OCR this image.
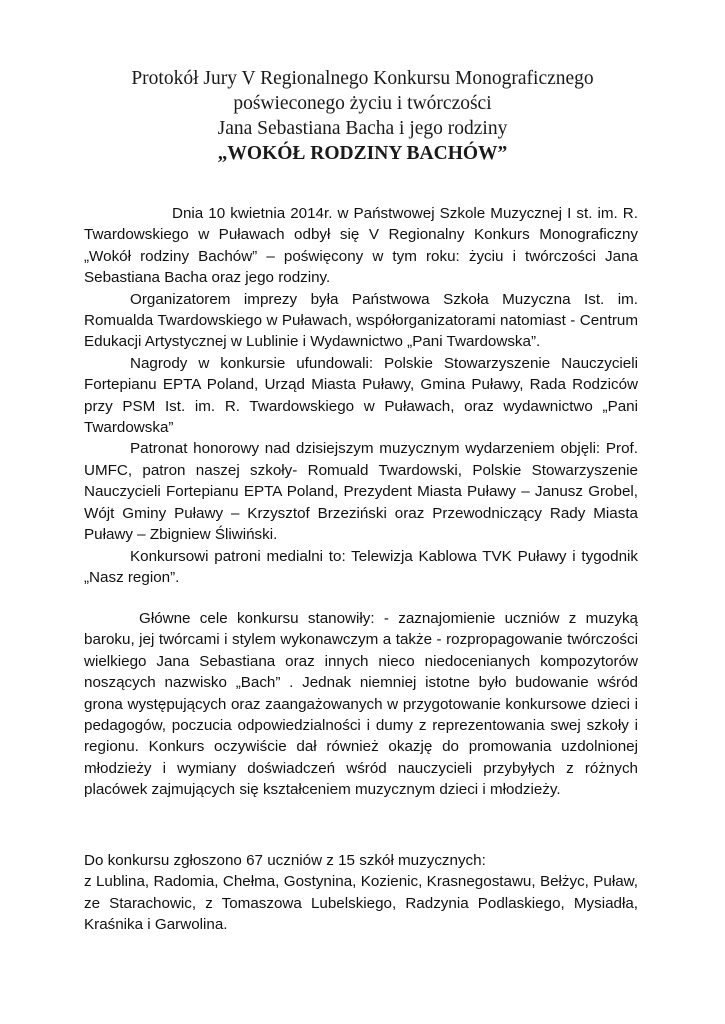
Protokół Jury V Regionalnego Konkursu Monograficznego
poświeconego życiu i twórczości
Jana Sebastiana Bacha i jego rodziny
„WOKÓŁ RODZINY BACHÓW”

Dnia 10 kwietnia 2014r. w Państwowej Szkole Muzycznej I st. im. R. Twardowskiego w Puławach odbył się V Regionalny Konkurs Monograficzny „Wokół rodziny Bachów” – poświęcony w tym roku: życiu i twórczości Jana Sebastiana Bacha oraz jego rodziny.

Organizatorem imprezy była Państwowa Szkoła Muzyczna Ist. im. Romualda Twardowskiego w Puławach, współorganizatorami natomiast - Centrum Edukacji Artystycznej w Lublinie i Wydawnictwo „Pani Twardowska”.

Nagrody w konkursie ufundowali: Polskie Stowarzyszenie Nauczycieli Fortepianu EPTA Poland, Urząd Miasta Puławy, Gmina Puławy, Rada Rodziców przy PSM Ist. im. R. Twardowskiego w Puławach, oraz wydawnictwo „Pani Twardowska”

Patronat honorowy nad dzisiejszym muzycznym wydarzeniem objęli: Prof. UMFC, patron naszej szkoły- Romuald Twardowski, Polskie Stowarzyszenie Nauczycieli Fortepianu EPTA Poland, Prezydent Miasta Puławy – Janusz Grobel, Wójt Gminy Puławy – Krzysztof Brzeziński oraz Przewodniczący Rady Miasta Puławy – Zbigniew Śliwiński.

Konkursowi patroni medialni to: Telewizja Kablowa TVK Puławy i tygodnik „Nasz region”.

Główne cele konkursu stanowiły: - zaznajomienie uczniów z muzyką baroku, jej twórcami i stylem wykonawczym a także - rozpropagowanie twórczości wielkiego Jana Sebastiana oraz innych nieco niedocenianych kompozytorów noszących nazwisko „Bach” . Jednak niemniej istotne było budowanie wśród grona występujących oraz zaangażowanych w przygotowanie konkursowe dzieci i pedagogów, poczucia odpowiedzialności i dumy z reprezentowania swej szkoły i regionu. Konkurs oczywiście dał również okazję do promowania uzdolnionej młodzieży i wymiany doświadczeń wśród nauczycieli przybyłych z różnych placówek zajmujących się kształceniem muzycznym dzieci i młodzieży.

Do konkursu zgłoszono 67 uczniów z 15 szkół muzycznych:

z Lublina, Radomia, Chełma, Gostynina, Kozienic, Krasnegostawu, Bełżyc, Puław, ze Starachowic, z Tomaszowa Lubelskiego, Radzynia Podlaskiego, Mysiadła, Kraśnika i Garwolina.
